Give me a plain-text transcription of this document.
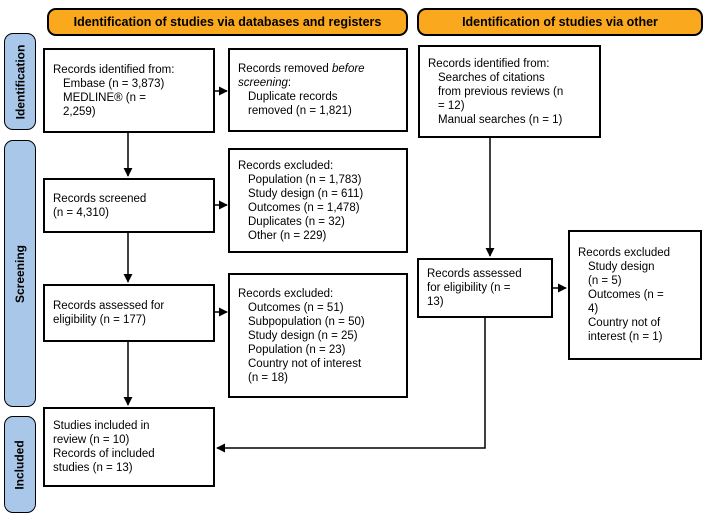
Identification of studies via databases and registers	Identification of studies via other
Identification
Screening
Included
Records identified from:
Embase (n = 3,873)
MEDLINE® (n =
2,259)
Records removed before
screening:
Duplicate records
removed (n = 1,821)
Records identified from:
Searches of citations
from previous reviews (n
= 12)
Manual searches (n = 1)
Records screened
(n = 4,310)
Records excluded:
Population (n = 1,783)
Study design (n = 611)
Outcomes (n = 1,478)
Duplicates (n = 32)
Other (n = 229)
Records assessed for
eligibility (n = 177)
Records excluded:
Outcomes (n = 51)
Subpopulation (n = 50)
Study design (n = 25)
Population (n = 23)
Country not of interest
(n = 18)
Records assessed
for eligibility (n =
13)
Records excluded
Study design
(n = 5)
Outcomes (n =
4)
Country not of
interest (n = 1)
Studies included in
review (n = 10)
Records of included
studies (n = 13)
